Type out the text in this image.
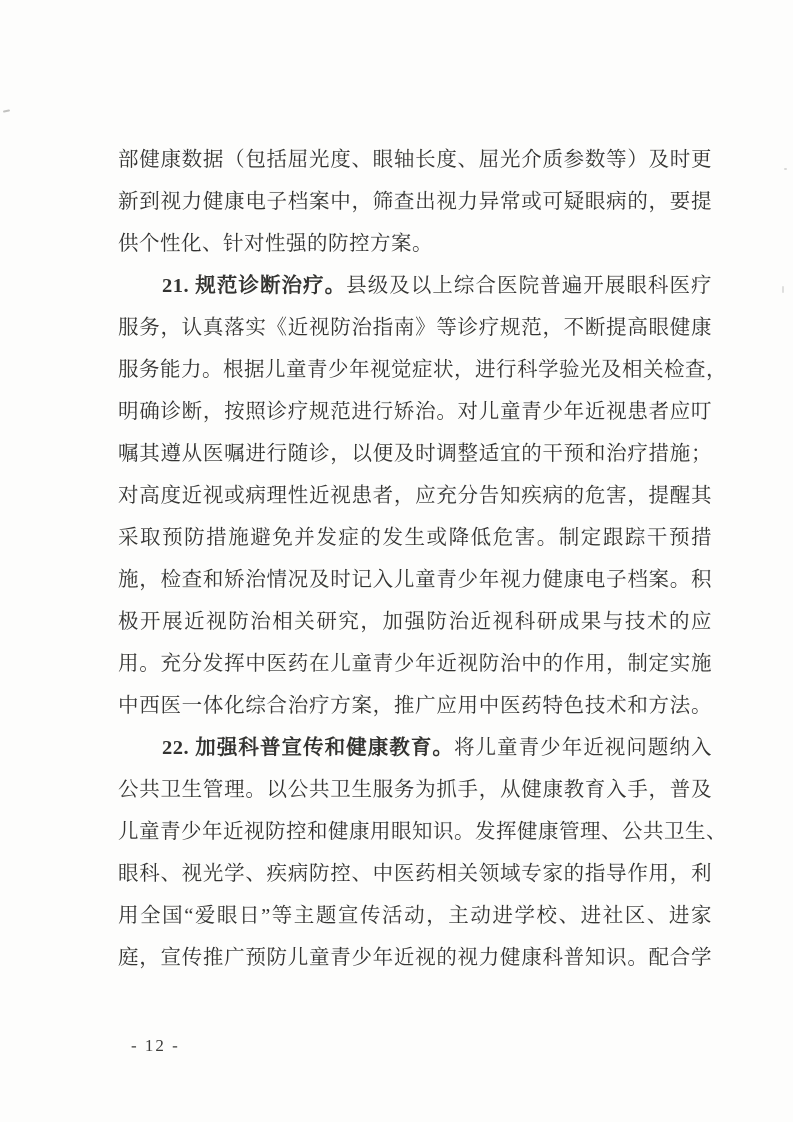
部健康数据（包括屈光度、眼轴长度、屈光介质参数等）及时更
新到视力健康电子档案中，筛查出视力异常或可疑眼病的，要提
供个性化、针对性强的防控方案。
21. 规范诊断治疗。县级及以上综合医院普遍开展眼科医疗
服务，认真落实《近视防治指南》等诊疗规范，不断提高眼健康
服务能力。根据儿童青少年视觉症状，进行科学验光及相关检查，
明确诊断，按照诊疗规范进行矫治。对儿童青少年近视患者应叮
嘱其遵从医嘱进行随诊，以便及时调整适宜的干预和治疗措施；
对高度近视或病理性近视患者，应充分告知疾病的危害，提醒其
采取预防措施避免并发症的发生或降低危害。制定跟踪干预措
施，检查和矫治情况及时记入儿童青少年视力健康电子档案。积
极开展近视防治相关研究，加强防治近视科研成果与技术的应
用。充分发挥中医药在儿童青少年近视防治中的作用，制定实施
中西医一体化综合治疗方案，推广应用中医药特色技术和方法。
22. 加强科普宣传和健康教育。将儿童青少年近视问题纳入
公共卫生管理。以公共卫生服务为抓手，从健康教育入手，普及
儿童青少年近视防控和健康用眼知识。发挥健康管理、公共卫生、
眼科、视光学、疾病防控、中医药相关领域专家的指导作用，利
用全国“爱眼日”等主题宣传活动，主动进学校、进社区、进家
庭，宣传推广预防儿童青少年近视的视力健康科普知识。配合学
- 12 -
